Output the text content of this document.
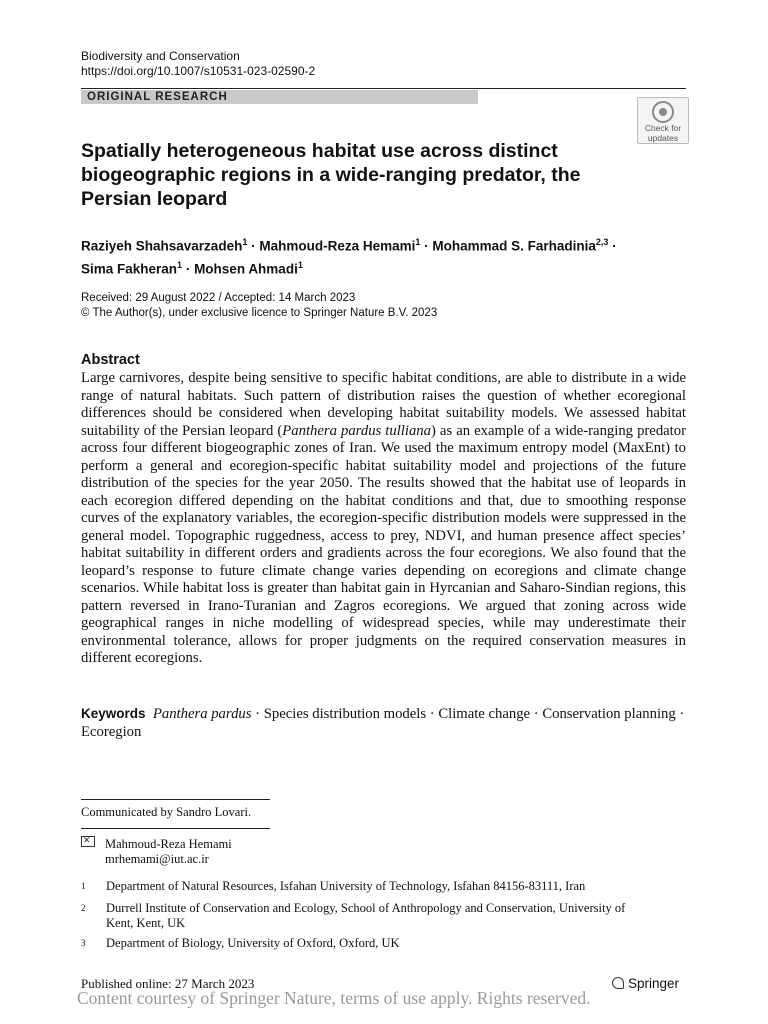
Biodiversity and Conservation
https://doi.org/10.1007/s10531-023-02590-2
ORIGINAL RESEARCH
Check for
updates
Spatially heterogeneous habitat use across distinct biogeographic regions in a wide-ranging predator, the Persian leopard
Raziyeh Shahsavarzadeh$^1$ · Mahmoud-Reza Hemami$^1$ · Mohammad S. Farhadinia$^{2,3}$ ·
Sima Fakheran$^1$ · Mohsen Ahmadi$^1$
Received: 29 August 2022 / Accepted: 14 March 2023
© The Author(s), under exclusive licence to Springer Nature B.V. 2023
Abstract

Large carnivores, despite being sensitive to specific habitat conditions, are able to distribute in a wide range of natural habitats. Such pattern of distribution raises the question of whether ecoregional differences should be considered when developing habitat suitability models. We assessed habitat suitability of the Persian leopard (Panthera pardus tulliana) as an example of a wide-ranging predator across four different biogeographic zones of Iran. We used the maximum entropy model (MaxEnt) to perform a general and ecoregion-specific habitat suitability model and projections of the future distribution of the species for the year 2050. The results showed that the habitat use of leopards in each ecoregion differed depending on the habitat conditions and that, due to smoothing response curves of the explanatory variables, the ecoregion-specific distribution models were suppressed in the general model. Topographic ruggedness, access to prey, NDVI, and human presence affect species’ habitat suitability in different orders and gradients across the four ecoregions. We also found that the leopard’s response to future climate change varies depending on ecoregions and climate change scenarios. While habitat loss is greater than habitat gain in Hyrcanian and Saharo-Sindian regions, this pattern reversed in Irano-Turanian and Zagros ecoregions. We argued that zoning across wide geographical ranges in niche modelling of widespread species, while may underestimate their environmental tolerance, allows for proper judgments on the required conservation measures in different ecoregions.

Keywords Panthera pardus · Species distribution models · Climate change · Conservation planning · Ecoregion
Communicated by Sandro Lovari.
✕Mahmoud-Reza Hemami
mrhemami@iut.ac.ir
1 Department of Natural Resources, Isfahan University of Technology, Isfahan 84156-83111, Iran
2 Durrell Institute of Conservation and Ecology, School of Anthropology and Conservation, University of Kent, Kent, UK
3 Department of Biology, University of Oxford, Oxford, UK
Published online: 27 March 2023	Springer
Content courtesy of Springer Nature, terms of use apply. Rights reserved.
